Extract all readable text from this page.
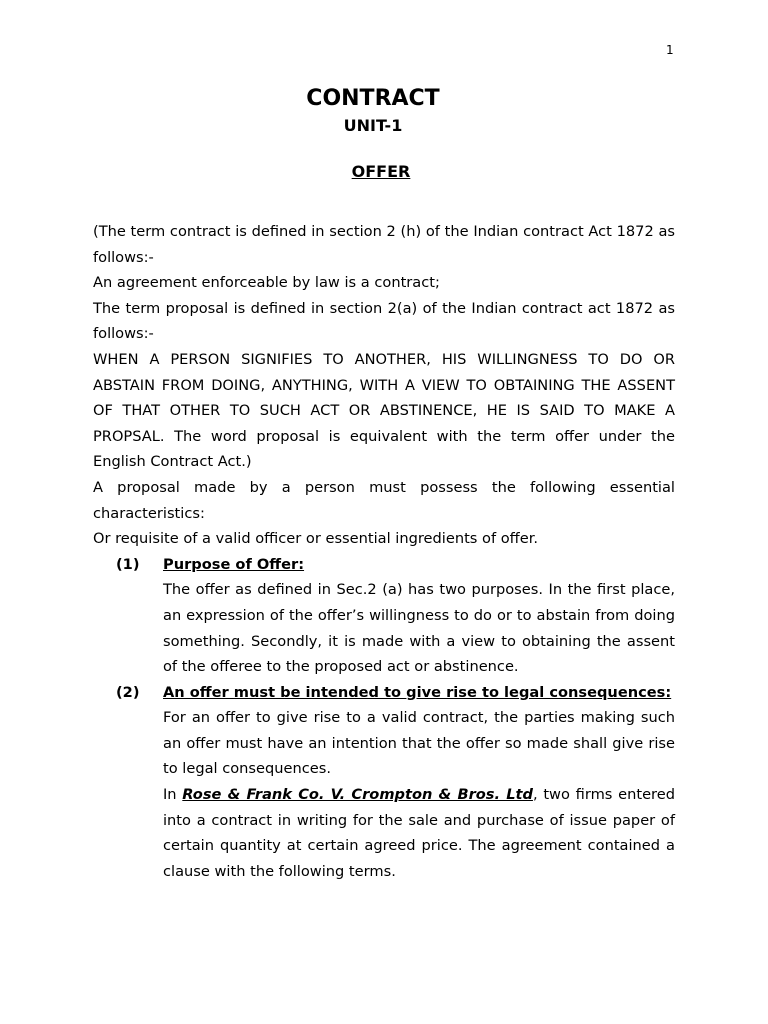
1
CONTRACT
UNIT-1
OFFER

(The term contract is defined in section 2 (h) of the Indian contract Act 1872 as follows:-

An agreement enforceable by law is a contract;

The term proposal is defined in section 2(a) of the Indian contract act 1872 as follows:-

WHEN A PERSON SIGNIFIES TO ANOTHER, HIS WILLINGNESS TO DO OR ABSTAIN FROM DOING, ANYTHING, WITH A VIEW TO OBTAINING THE ASSENT OF THAT OTHER TO SUCH ACT OR ABSTINENCE, HE IS SAID TO MAKE A PROPSAL. The word proposal is equivalent with the term offer under the English Contract Act.)

A proposal made by a person must possess the following essential characteristics:

Or requisite of a valid officer or essential ingredients of offer.

(1) Purpose of Offer:

The offer as defined in Sec.2 (a) has two purposes. In the first place, an expression of the offer’s willingness to do or to abstain from doing something. Secondly, it is made with a view to obtaining the assent of the offeree to the proposed act or abstinence.

(2) An offer must be intended to give rise to legal consequences:

For an offer to give rise to a valid contract, the parties making such an offer must have an intention that the offer so made shall give rise to legal consequences.

In Rose & Frank Co. V. Crompton & Bros. Ltd, two firms entered into a contract in writing for the sale and purchase of issue paper of certain quantity at certain agreed price. The agreement contained a clause with the following terms.
